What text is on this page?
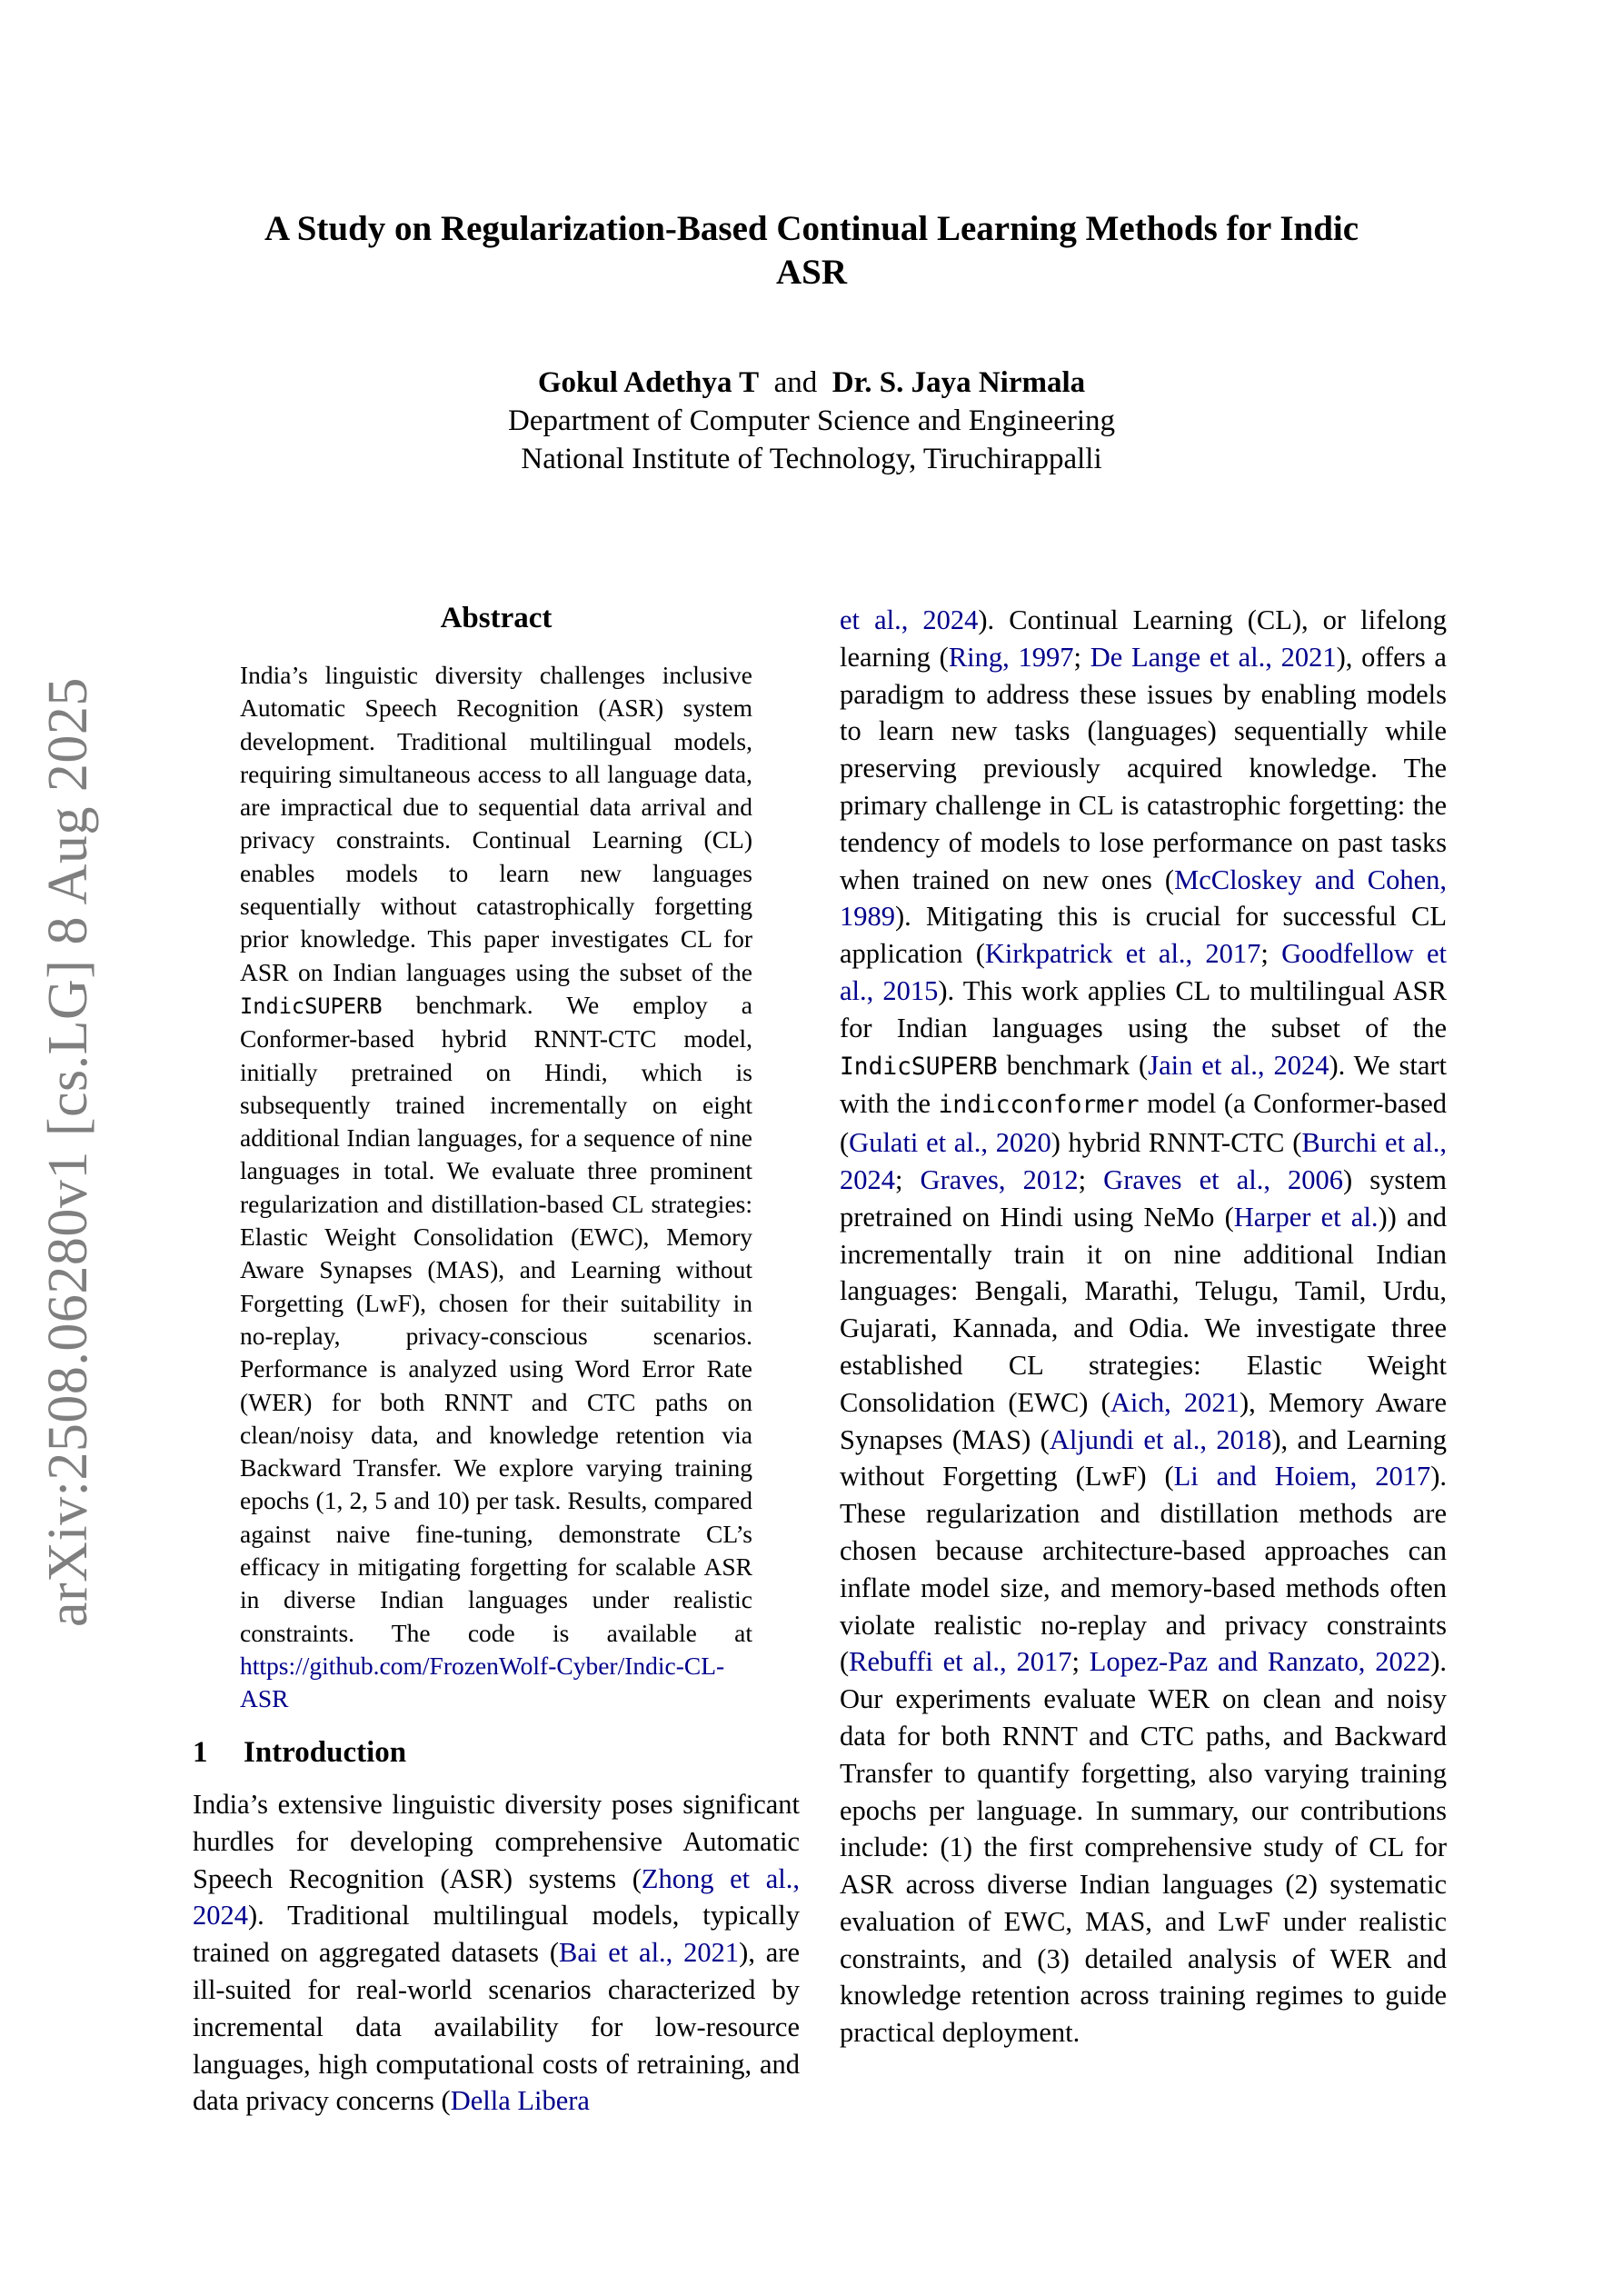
arXiv:2508.06280v1 [cs.LG] 8 Aug 2025
A Study on Regularization-Based Continual Learning Methods for Indic
ASR
Gokul Adethya T and Dr. S. Jaya Nirmala
Department of Computer Science and Engineering
National Institute of Technology, Tiruchirappalli
Abstract
India’s linguistic diversity challenges inclusive Automatic Speech Recognition (ASR) system development. Traditional multilingual models, requiring simultaneous access to all language data, are impractical due to sequential data arrival and privacy constraints. Continual Learning (CL) enables models to learn new languages sequentially without catastrophically forgetting prior knowledge. This paper investigates CL for ASR on Indian languages using the subset of the IndicSUPERB benchmark. We employ a Conformer-based hybrid RNNT-CTC model, initially pretrained on Hindi, which is subsequently trained incrementally on eight additional Indian languages, for a sequence of nine languages in total. We evaluate three prominent regularization and distillation-based CL strategies: Elastic Weight Consolidation (EWC), Memory Aware Synapses (MAS), and Learning without Forgetting (LwF), chosen for their suitability in no-replay, privacy-conscious scenarios. Performance is analyzed using Word Error Rate (WER) for both RNNT and CTC paths on clean/noisy data, and knowledge retention via Backward Transfer. We explore varying training epochs (1, 2, 5 and 10) per task. Results, compared against naive fine-tuning, demonstrate CL’s efficacy in mitigating forgetting for scalable ASR in diverse Indian languages under realistic constraints. The code is available at https://github.com/FrozenWolf-Cyber/Indic-CL-ASR
1 Introduction
India’s extensive linguistic diversity poses significant hurdles for developing comprehensive Automatic Speech Recognition (ASR) systems (Zhong et al., 2024). Traditional multilingual models, typically trained on aggregated datasets (Bai et al., 2021), are ill-suited for real-world scenarios characterized by incremental data availability for low-resource languages, high computational costs of retraining, and data privacy concerns (Della Libera
et al., 2024). Continual Learning (CL), or lifelong learning (Ring, 1997; De Lange et al., 2021), offers a paradigm to address these issues by enabling models to learn new tasks (languages) sequentially while preserving previously acquired knowledge. The primary challenge in CL is catastrophic forgetting: the tendency of models to lose performance on past tasks when trained on new ones (McCloskey and Cohen, 1989). Mitigating this is crucial for successful CL application (Kirkpatrick et al., 2017; Goodfellow et al., 2015). This work applies CL to multilingual ASR for Indian languages using the subset of the IndicSUPERB benchmark (Jain et al., 2024). We start with the indicconformer model (a Conformer-based (Gulati et al., 2020) hybrid RNNT-CTC (Burchi et al., 2024; Graves, 2012; Graves et al., 2006) system pretrained on Hindi using NeMo (Harper et al.)) and incrementally train it on nine additional Indian languages: Bengali, Marathi, Telugu, Tamil, Urdu, Gujarati, Kannada, and Odia. We investigate three established CL strategies: Elastic Weight Consolidation (EWC) (Aich, 2021), Memory Aware Synapses (MAS) (Aljundi et al., 2018), and Learning without Forgetting (LwF) (Li and Hoiem, 2017). These regularization and distillation methods are chosen because architecture-based approaches can inflate model size, and memory-based methods often violate realistic no-replay and privacy constraints (Rebuffi et al., 2017; Lopez-Paz and Ranzato, 2022). Our experiments evaluate WER on clean and noisy data for both RNNT and CTC paths, and Backward Transfer to quantify forgetting, also varying training epochs per language. In summary, our contributions include: (1) the first comprehensive study of CL for ASR across diverse Indian languages (2) systematic evaluation of EWC, MAS, and LwF under realistic constraints, and (3) detailed analysis of WER and knowledge retention across training regimes to guide practical deployment.
